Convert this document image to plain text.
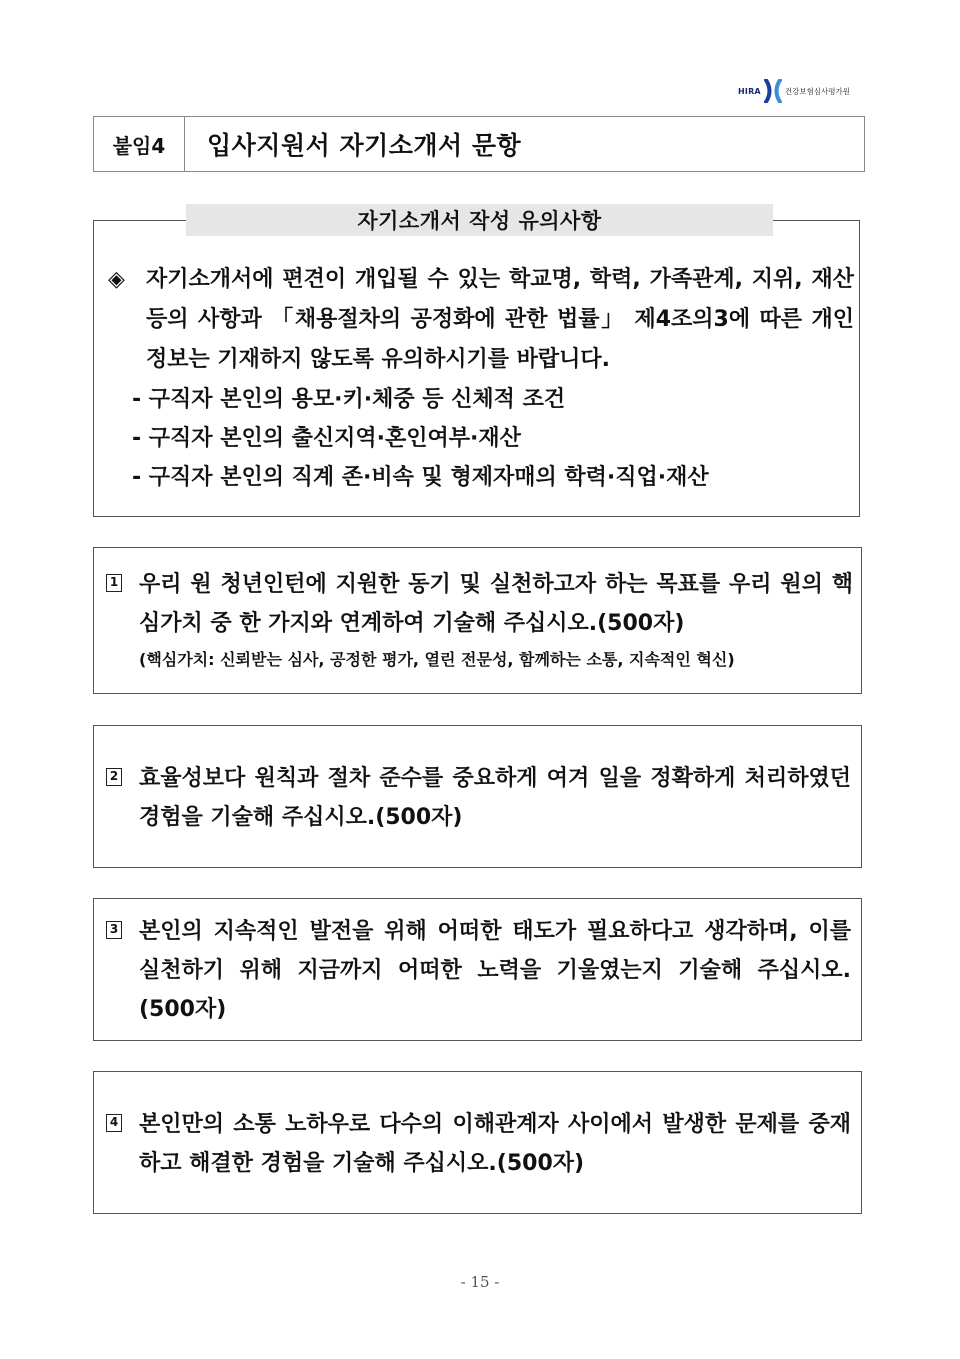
HIRA	건강보험심사평가원
붙임4	입사지원서 자기소개서 문항
자기소개서 작성 유의사항
◈ 자기소개서에 편견이 개입될 수 있는 학교명, 학력, 가족관계, 지위, 재산 등의 사항과 「채용절차의 공정화에 관한 법률」 제4조의3에 따른 개인정보는 기재하지 않도록 유의하시기를 바랍니다.
- 구직자 본인의 용모·키·체중 등 신체적 조건
- 구직자 본인의 출신지역·혼인여부·재산
- 구직자 본인의 직계 존·비속 및 형제자매의 학력·직업·재산
1 우리 원 청년인턴에 지원한 동기 및 실천하고자 하는 목표를 우리 원의 핵심가치 중 한 가지와 연계하여 기술해 주십시오.(500자)
(핵심가치: 신뢰받는 심사, 공정한 평가, 열린 전문성, 함께하는 소통, 지속적인 혁신)
2 효율성보다 원칙과 절차 준수를 중요하게 여겨 일을 정확하게 처리하였던 경험을 기술해 주십시오.(500자)
3 본인의 지속적인 발전을 위해 어떠한 태도가 필요하다고 생각하며, 이를 실천하기 위해 지금까지 어떠한 노력을 기울였는지 기술해 주십시오.(500자)
4 본인만의 소통 노하우로 다수의 이해관계자 사이에서 발생한 문제를 중재하고 해결한 경험을 기술해 주십시오.(500자)
- 15 -
